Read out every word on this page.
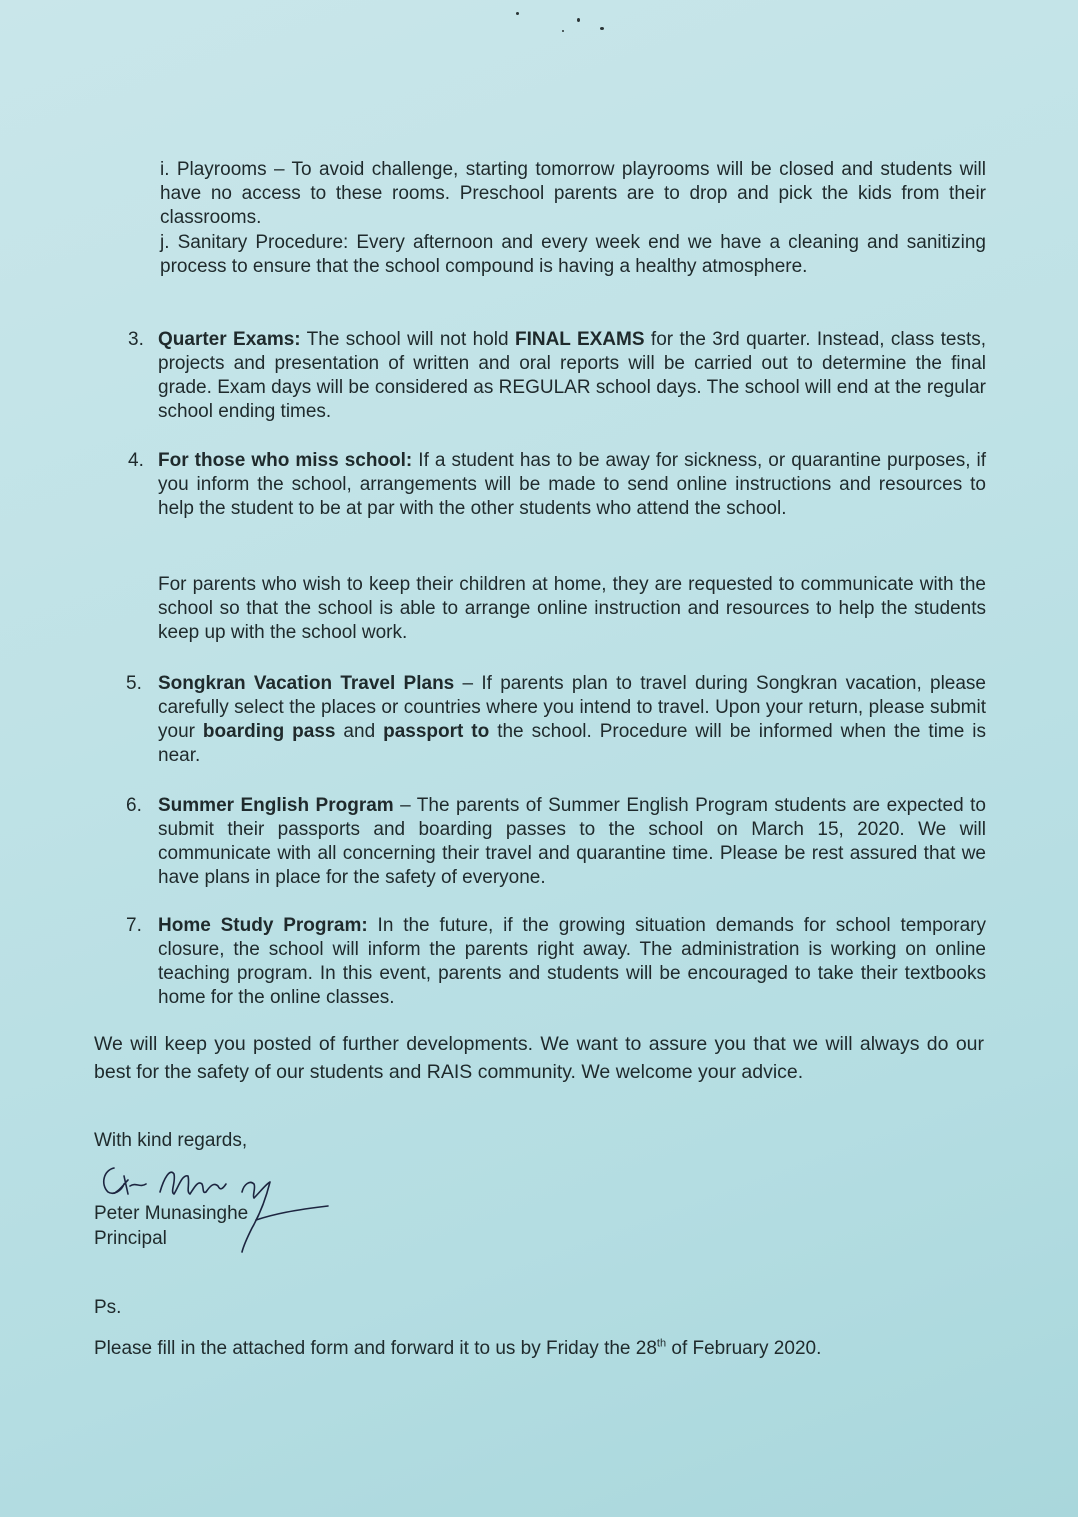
i. Playrooms – To avoid challenge, starting tomorrow playrooms will be closed and students will have no access to these rooms. Preschool parents are to drop and pick the kids from their classrooms.

j. Sanitary Procedure: Every afternoon and every week end we have a cleaning and sanitizing process to ensure that the school compound is having a healthy atmosphere.

3. Quarter Exams: The school will not hold FINAL EXAMS for the 3rd quarter. Instead, class tests, projects and presentation of written and oral reports will be carried out to determine the final grade. Exam days will be considered as REGULAR school days. The school will end at the regular school ending times.

4. For those who miss school: If a student has to be away for sickness, or quarantine purposes, if you inform the school, arrangements will be made to send online instructions and resources to help the student to be at par with the other students who attend the school.

For parents who wish to keep their children at home, they are requested to communicate with the school so that the school is able to arrange online instruction and resources to help the students keep up with the school work.

5. Songkran Vacation Travel Plans – If parents plan to travel during Songkran vacation, please carefully select the places or countries where you intend to travel. Upon your return, please submit your boarding pass and passport to the school. Procedure will be informed when the time is near.

6. Summer English Program – The parents of Summer English Program students are expected to submit their passports and boarding passes to the school on March 15, 2020. We will communicate with all concerning their travel and quarantine time. Please be rest assured that we have plans in place for the safety of everyone.

7. Home Study Program: In the future, if the growing situation demands for school temporary closure, the school will inform the parents right away. The administration is working on online teaching program. In this event, parents and students will be encouraged to take their textbooks home for the online classes.

We will keep you posted of further developments. We want to assure you that we will always do our best for the safety of our students and RAIS community. We welcome your advice.

With kind regards,
Peter Munasinghe
Principal
Ps.
Please fill in the attached form and forward it to us by Friday the 28th of February 2020.
